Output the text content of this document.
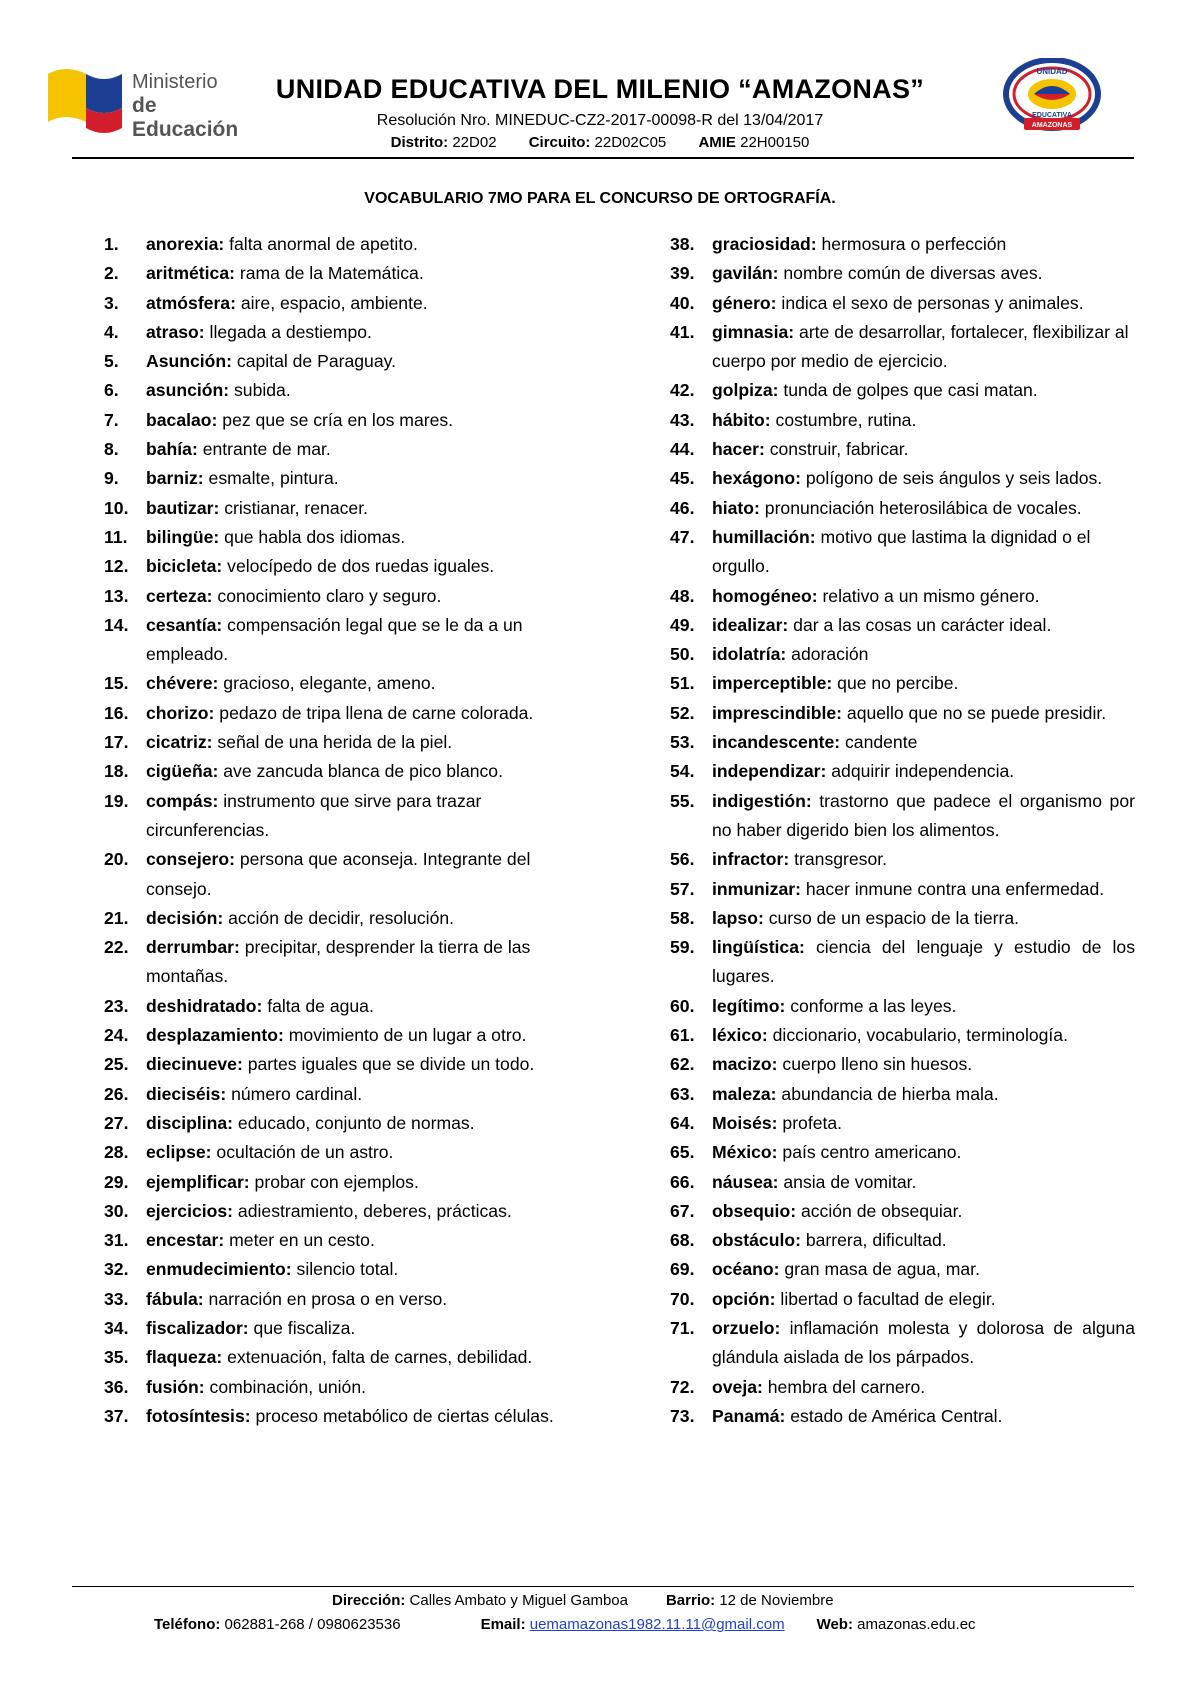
Ministerio
de Educación
UNIDAD EDUCATIVA DEL MILENIO “AMAZONAS”
Resolución Nro. MINEDUC-CZ2-2017-00098-R del 13/04/2017
Distrito: 22D02 Circuito: 22D02C05 AMIE 22H00150
UNIDAD
EDUCATIVA
AMAZONAS
VOCABULARIO 7MO PARA EL CONCURSO DE ORTOGRAFÍA.
1.	anorexia: falta anormal de apetito.
2.	aritmética: rama de la Matemática.
3.	atmósfera: aire, espacio, ambiente.
4.	atraso: llegada a destiempo.
5.	Asunción: capital de Paraguay.
6.	asunción: subida.
7.	bacalao: pez que se cría en los mares.
8.	bahía: entrante de mar.
9.	barniz: esmalte, pintura.
10. bautizar: cristianar, renacer.
11.	bilingüe: que habla dos idiomas.
12. bicicleta: velocípedo de dos ruedas iguales.
13. certeza: conocimiento claro y seguro.
14. cesantía: compensación legal que se le da a un empleado.
15. chévere: gracioso, elegante, ameno.
16. chorizo: pedazo de tripa llena de carne colorada.
17. cicatriz: señal de una herida de la piel.
18. cigüeña: ave zancuda blanca de pico blanco.
19. compás: instrumento que sirve para trazar circunferencias.
20. consejero: persona que aconseja. Integrante del consejo.
21. decisión: acción de decidir, resolución.
22. derrumbar: precipitar, desprender la tierra de las montañas.
23. deshidratado: falta de agua.
24. desplazamiento: movimiento de un lugar a otro.
25. diecinueve: partes iguales que se divide un todo.
26. dieciséis: número cardinal.
27. disciplina: educado, conjunto de normas.
28. eclipse: ocultación de un astro.
29. ejemplificar: probar con ejemplos.
30. ejercicios: adiestramiento, deberes, prácticas.
31. encestar: meter en un cesto.
32. enmudecimiento: silencio total.
33. fábula: narración en prosa o en verso.
34. fiscalizador: que fiscaliza.
35. flaqueza: extenuación, falta de carnes, debilidad.
36. fusión: combinación, unión.
37. fotosíntesis: proceso metabólico de ciertas células.
38. graciosidad: hermosura o perfección
39. gavilán: nombre común de diversas aves.
40. género: indica el sexo de personas y animales.
41. gimnasia: arte de desarrollar, fortalecer, flexibilizar al cuerpo por medio de ejercicio.
42. golpiza: tunda de golpes que casi matan.
43. hábito: costumbre, rutina.
44. hacer: construir, fabricar.
45. hexágono: polígono de seis ángulos y seis lados.
46. hiato: pronunciación heterosilábica de vocales.
47. humillación: motivo que lastima la dignidad o el orgullo.
48. homogéneo: relativo a un mismo género.
49. idealizar: dar a las cosas un carácter ideal.
50. idolatría: adoración
51. imperceptible: que no percibe.
52. imprescindible: aquello que no se puede presidir.
53. incandescente: candente
54. independizar: adquirir independencia.
55. indigestión: trastorno que padece el organismo por no haber digerido bien los alimentos.
56. infractor: transgresor.
57. inmunizar: hacer inmune contra una enfermedad.
58. lapso: curso de un espacio de la tierra.
59. lingüística: ciencia del lenguaje y estudio de los lugares.
60. legítimo: conforme a las leyes.
61. léxico: diccionario, vocabulario, terminología.
62. macizo: cuerpo lleno sin huesos.
63. maleza: abundancia de hierba mala.
64. Moisés: profeta.
65. México: país centro americano.
66. náusea: ansia de vomitar.
67. obsequio: acción de obsequiar.
68. obstáculo: barrera, dificultad.
69. océano: gran masa de agua, mar.
70. opción: libertad o facultad de elegir.
71. orzuelo: inflamación molesta y dolorosa de alguna glándula aislada de los párpados.
72. oveja: hembra del carnero.
73. Panamá: estado de América Central.
Dirección: Calles Ambato y Miguel Gamboa	Barrio: 12 de Noviembre
Teléfono: 062881-268 / 0980623536	Email: uemamazonas1982.11.11@gmail.com Web: amazonas.edu.ec
